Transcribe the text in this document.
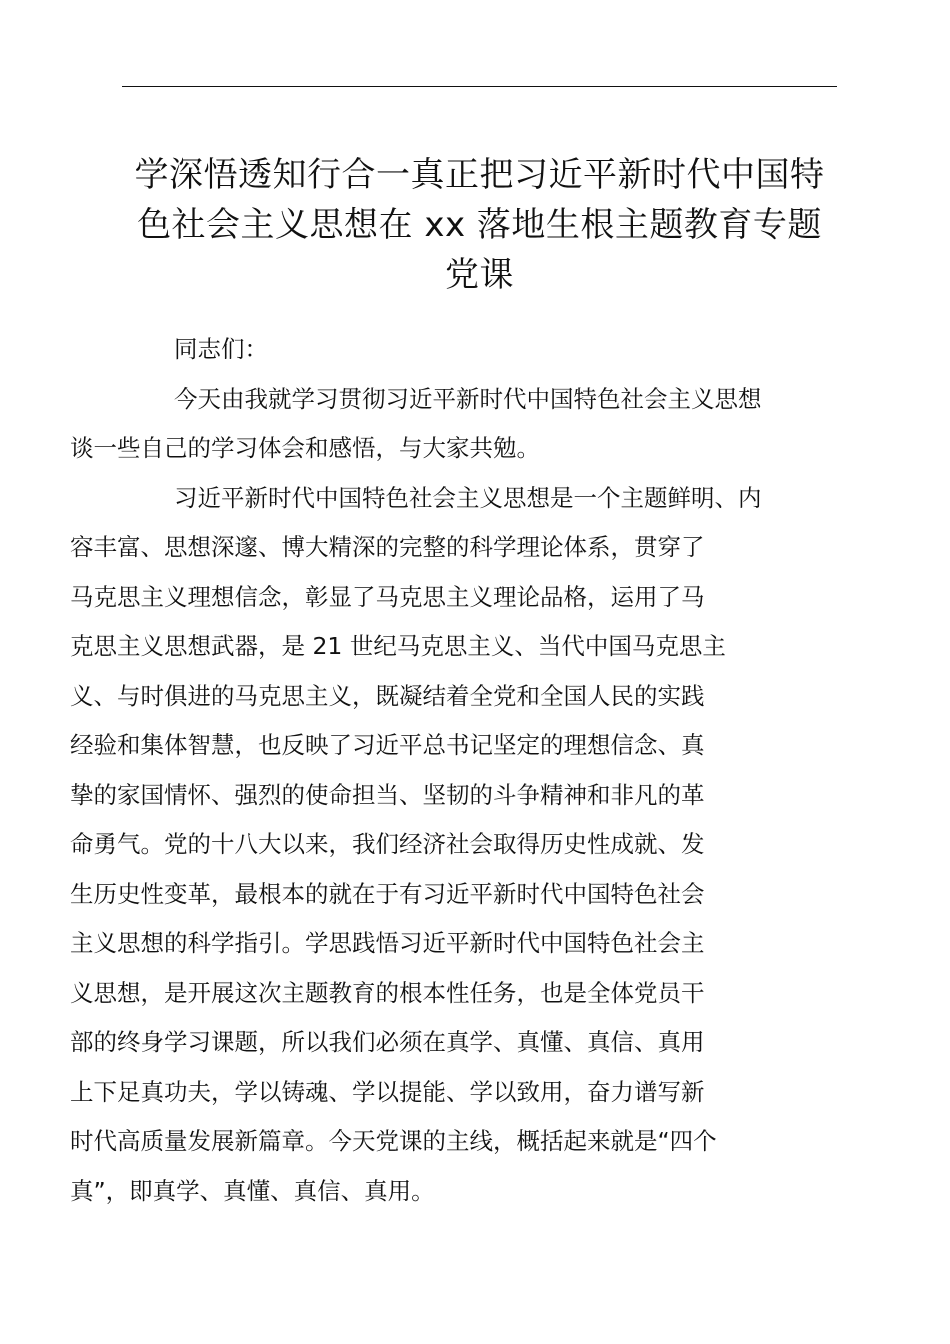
学深悟透知行合一真正把习近平新时代中国特
色社会主义思想在 xx 落地生根主题教育专题
党课

同志们：

今天由我就学习贯彻习近平新时代中国特色社会主义思想
谈一些自己的学习体会和感悟，与大家共勉。

习近平新时代中国特色社会主义思想是一个主题鲜明、内
容丰富、思想深邃、博大精深的完整的科学理论体系，贯穿了
马克思主义理想信念，彰显了马克思主义理论品格，运用了马
克思主义思想武器，是 21 世纪马克思主义、当代中国马克思主
义、与时俱进的马克思主义，既凝结着全党和全国人民的实践
经验和集体智慧，也反映了习近平总书记坚定的理想信念、真
挚的家国情怀、强烈的使命担当、坚韧的斗争精神和非凡的革
命勇气。党的十八大以来，我们经济社会取得历史性成就、发
生历史性变革，最根本的就在于有习近平新时代中国特色社会
主义思想的科学指引。学思践悟习近平新时代中国特色社会主
义思想，是开展这次主题教育的根本性任务，也是全体党员干
部的终身学习课题，所以我们必须在真学、真懂、真信、真用
上下足真功夫，学以铸魂、学以提能、学以致用，奋力谱写新
时代高质量发展新篇章。今天党课的主线，概括起来就是“四个
真”，即真学、真懂、真信、真用。
